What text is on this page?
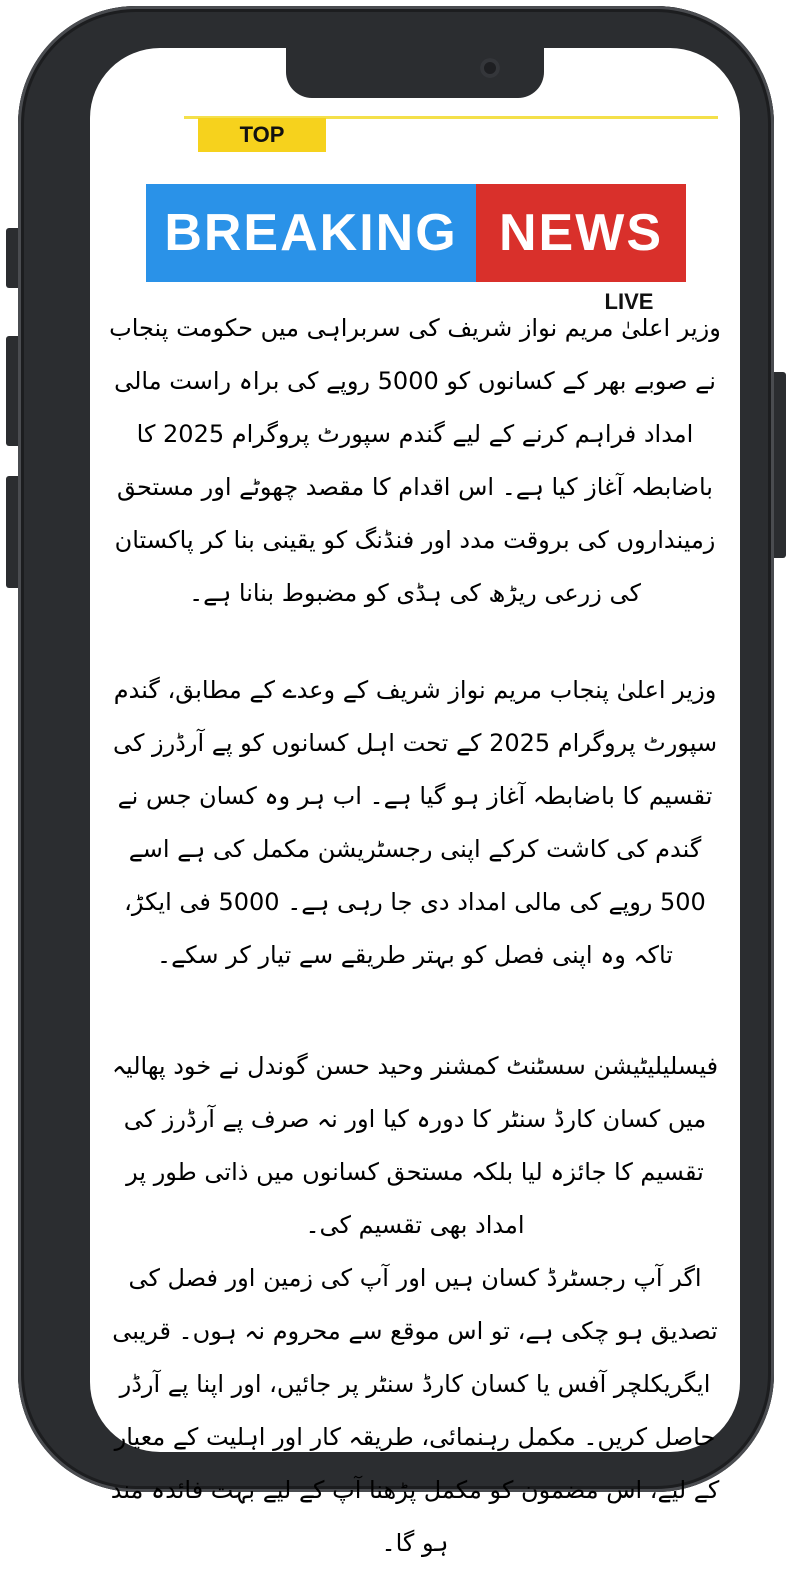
TOP
BREAKING NEWS
LIVE

وزیر اعلیٰ مریم نواز شریف کی سربراہی میں حکومت پنجاب نے صوبے بھر کے کسانوں کو 5000 روپے کی براہ راست مالی امداد فراہم کرنے کے لیے گندم سپورٹ پروگرام 2025 کا باضابطہ آغاز کیا ہے۔ اس اقدام کا مقصد چھوٹے اور مستحق زمینداروں کی بروقت مدد اور فنڈنگ کو یقینی بنا کر پاکستان کی زرعی ریڑھ کی ہڈی کو مضبوط بنانا ہے۔

وزیر اعلیٰ پنجاب مریم نواز شریف کے وعدے کے مطابق، گندم سپورٹ پروگرام 2025 کے تحت اہل کسانوں کو پے آرڈرز کی تقسیم کا باضابطہ آغاز ہو گیا ہے۔ اب ہر وہ کسان جس نے گندم کی کاشت کرکے اپنی رجسٹریشن مکمل کی ہے اسے 500 روپے کی مالی امداد دی جا رہی ہے۔ 5000 فی ایکڑ، تاکہ وہ اپنی فصل کو بہتر طریقے سے تیار کر سکے۔

فیسلیلیٹیشن سسٹنٹ کمشنر وحید حسن گوندل نے خود پھالیہ میں کسان کارڈ سنٹر کا دورہ کیا اور نہ صرف پے آرڈرز کی تقسیم کا جائزہ لیا بلکہ مستحق کسانوں میں ذاتی طور پر امداد بھی تقسیم کی۔

اگر آپ رجسٹرڈ کسان ہیں اور آپ کی زمین اور فصل کی تصدیق ہو چکی ہے، تو اس موقع سے محروم نہ ہوں۔ قریبی ایگریکلچر آفس یا کسان کارڈ سنٹر پر جائیں، اور اپنا پے آرڈر حاصل کریں۔ مکمل رہنمائی، طریقہ کار اور اہلیت کے معیار کے لیے، اس مضمون کو مکمل پڑھنا آپ کے لیے بہت فائدہ مند ہو گا۔
